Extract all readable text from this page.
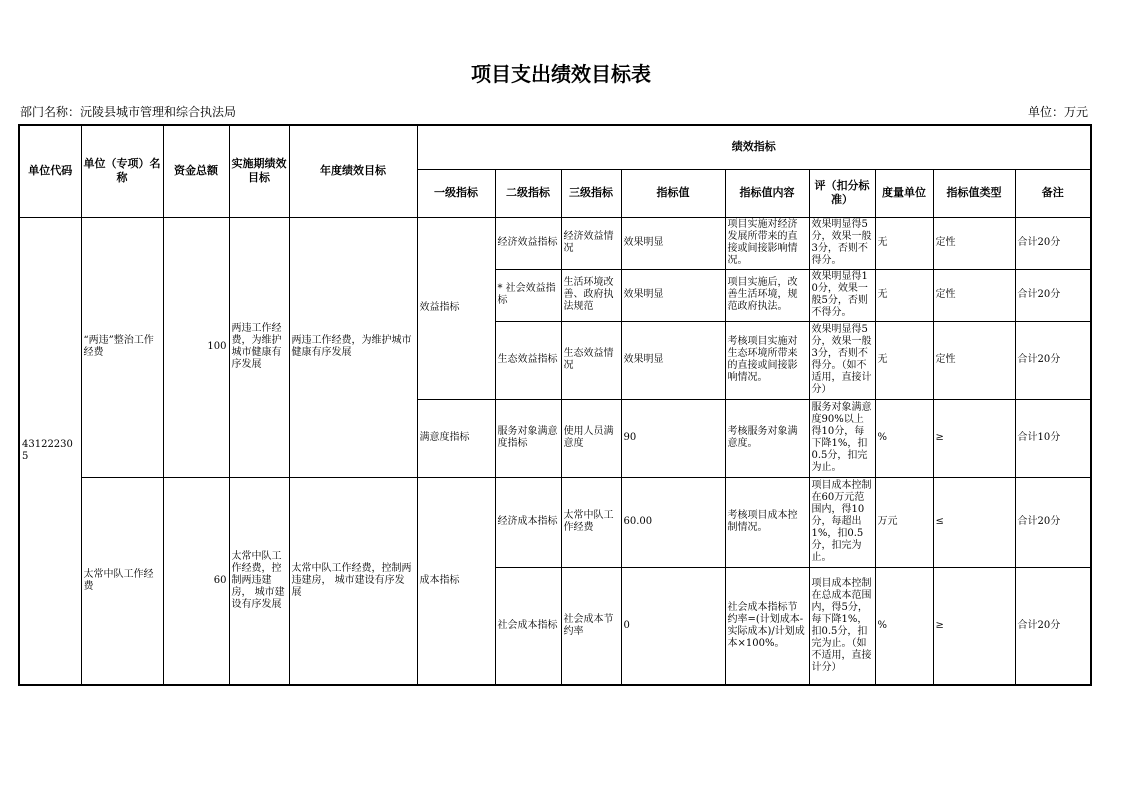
项目支出绩效目标表
部门名称：沅陵县城市管理和综合执法局	单位：万元
单位代码	单位（专项）名称	资金总额	实施期绩效目标	年度绩效目标	绩效指标								
					一级指标	二级指标	三级指标	指标值	指标值内容	评（扣分标准）	度量单位	指标值类型	备注
431222305	“两违”整治工作经费	100	两违工作经费，为维护城市健康有序发展	两违工作经费，为维护城市健康有序发展	效益指标	经济效益指标	经济效益情况	效果明显	项目实施对经济发展所带来的直接或间接影响情况。	效果明显得5分，效果一般3分，否则不得分。	无	定性	合计20分
						* 社会效益指标	生活环境改善、政府执法规范	效果明显	项目实施后，改善生活环境，规范政府执法。	效果明显得10分，效果一般5分，否则不得分。	无	定性	合计20分
						生态效益指标	生态效益情况	效果明显	考核项目实施对生态环境所带来的直接或间接影响情况。	效果明显得5分，效果一般3分，否则不得分。（如不适用，直接计分）	无	定性	合计20分
					满意度指标	服务对象满意度指标	使用人员满意度	90	考核服务对象满意度。	服务对象满意度90%以上得10分，每下降1%，扣0.5分，扣完为止。	%	≥	合计10分
	太常中队工作经费	60	太常中队工作经费，控制两违建房， 城市建设有序发展	太常中队工作经费，控制两违建房， 城市建设有序发展	成本指标	经济成本指标	太常中队工作经费	60.00	考核项目成本控制情况。	项目成本控制在60万元范围内，得10分，每超出1%，扣0.5分，扣完为止。	万元	≤	合计20分
						社会成本指标	社会成本节约率	0	社会成本指标节约率=(计划成本-实际成本)/计划成本×100%。	项目成本控制在总成本范围内，得5分，每下降1%，扣0.5分，扣完为止。（如不适用，直接计分）	%	≥	合计20分
